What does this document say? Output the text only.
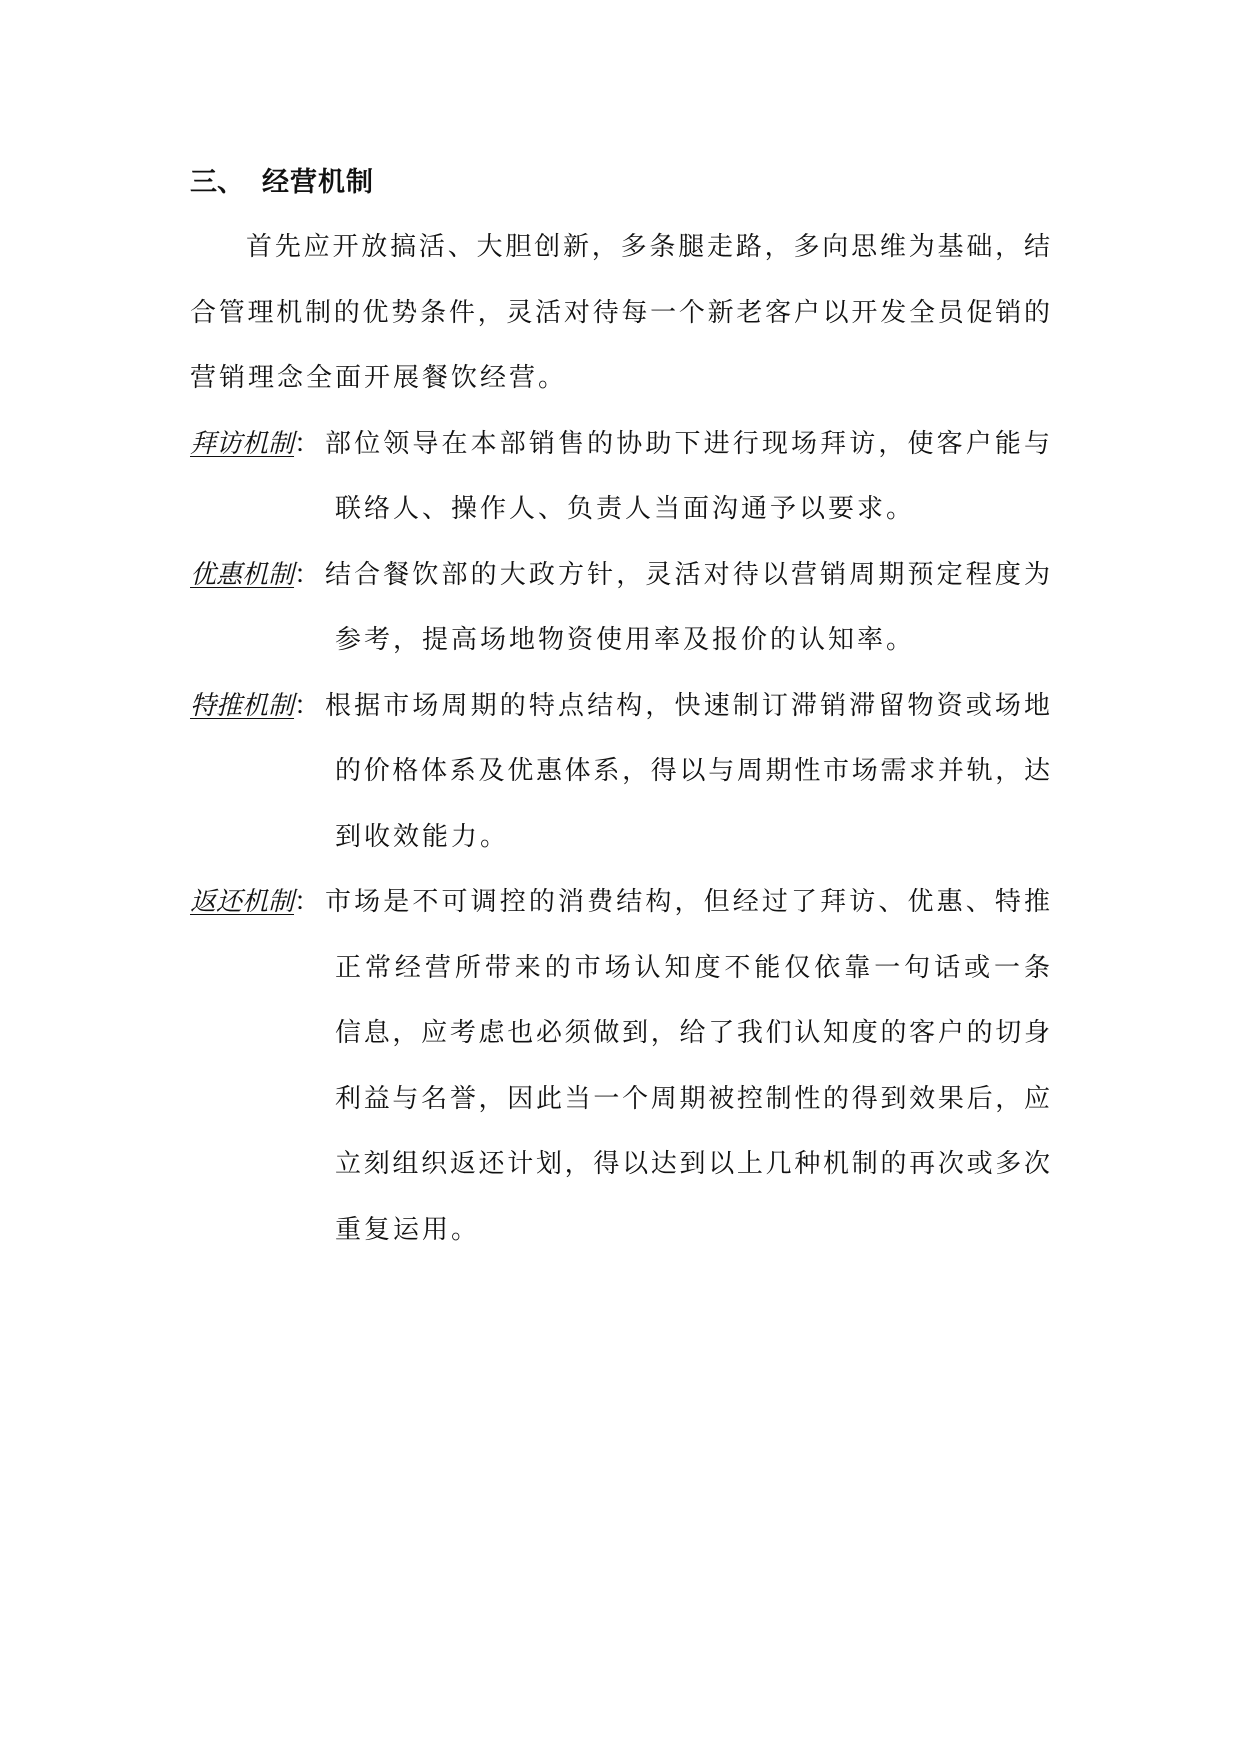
三、 经营机制
首先应开放搞活、大胆创新，多条腿走路，多向思维为基础，结
合管理机制的优势条件，灵活对待每一个新老客户以开发全员促销的
营销理念全面开展餐饮经营。
拜访机制： 部位领导在本部销售的协助下进行现场拜访，使客户能与
联络人、操作人、负责人当面沟通予以要求。
优惠机制： 结合餐饮部的大政方针，灵活对待以营销周期预定程度为
参考，提高场地物资使用率及报价的认知率。
特推机制： 根据市场周期的特点结构，快速制订滞销滞留物资或场地
的价格体系及优惠体系，得以与周期性市场需求并轨，达
到收效能力。
返还机制： 市场是不可调控的消费结构，但经过了拜访、优惠、特推
正常经营所带来的市场认知度不能仅依靠一句话或一条
信息，应考虑也必须做到，给了我们认知度的客户的切身
利益与名誉，因此当一个周期被控制性的得到效果后，应
立刻组织返还计划，得以达到以上几种机制的再次或多次
重复运用。
